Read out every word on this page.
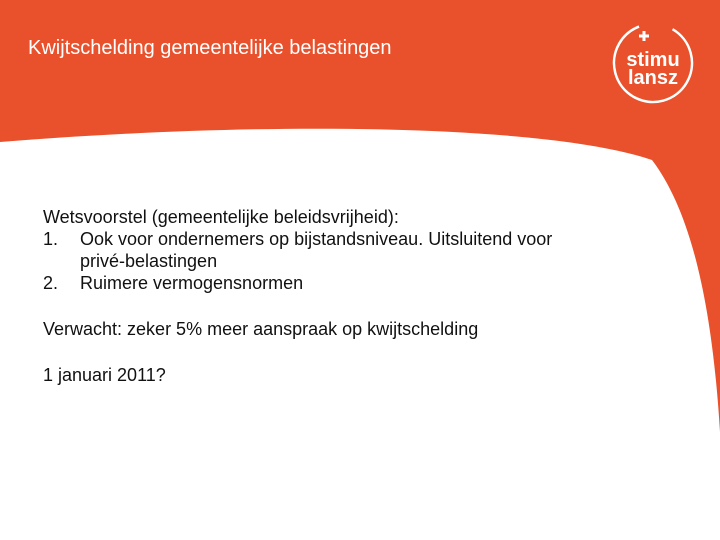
Kwijtschelding gemeentelijke belastingen
stimu
lansz
Wetsvoorstel (gemeentelijke beleidsvrijheid):
1.	Ook voor ondernemers op bijstandsniveau. Uitsluitend voor
privé-belastingen
2.	Ruimere vermogensnormen
Verwacht: zeker 5% meer aanspraak op kwijtschelding
1 januari 2011?
